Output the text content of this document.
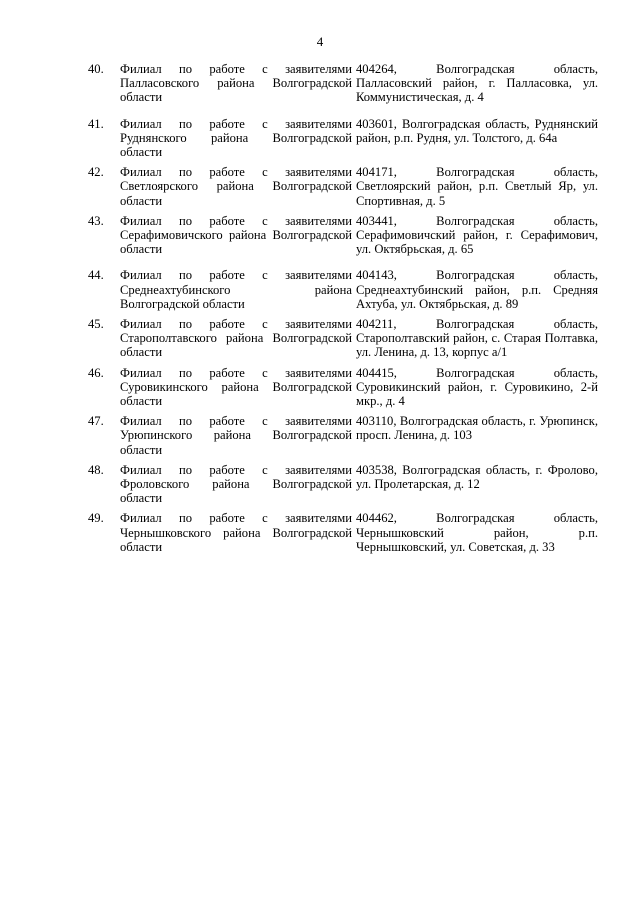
4
40.	Филиал по работе с заявителями Палласовского района Волгоградской области
404264, Волгоградская область, Палласовский район, г. Палласовка, ул. Коммунистическая, д. 4
41.	Филиал по работе с заявителями Руднянского района Волгоградской области
403601, Волгоградская область, Руднянский район, р.п. Рудня, ул. Толстого, д. 64а
42.	Филиал по работе с заявителями Светлоярского района Волгоградской области
404171, Волгоградская область, Светлоярский район, р.п. Светлый Яр, ул. Спортивная, д. 5
43.	Филиал по работе с заявителями Серафимовичского района Волгоградской области
403441, Волгоградская область, Серафимовичский район, г. Серафимович, ул. Октябрьская, д. 65
44.	Филиал по работе с заявителями Среднеахтубинского района Волгоградской области
404143, Волгоградская область, Среднеахтубинский район, р.п. Средняя Ахтуба, ул. Октябрьская, д. 89
45.	Филиал по работе с заявителями Старополтавского района Волгоградской области
404211, Волгоградская область, Старополтавский район, с. Старая Полтавка, ул. Ленина, д. 13, корпус а/1
46.	Филиал по работе с заявителями Суровикинского района Волгоградской области
404415, Волгоградская область, Суровикинский район, г. Суровикино, 2-й мкр., д. 4
47.	Филиал по работе с заявителями Урюпинского района Волгоградской области
403110, Волгоградская область, г. Урюпинск, просп. Ленина, д. 103
48.	Филиал по работе с заявителями Фроловского района Волгоградской области
403538, Волгоградская область, г. Фролово, ул. Пролетарская, д. 12
49.	Филиал по работе с заявителями Чернышковского района Волгоградской области
404462, Волгоградская область, Чернышковский район, р.п. Чернышковский, ул. Советская, д. 33
